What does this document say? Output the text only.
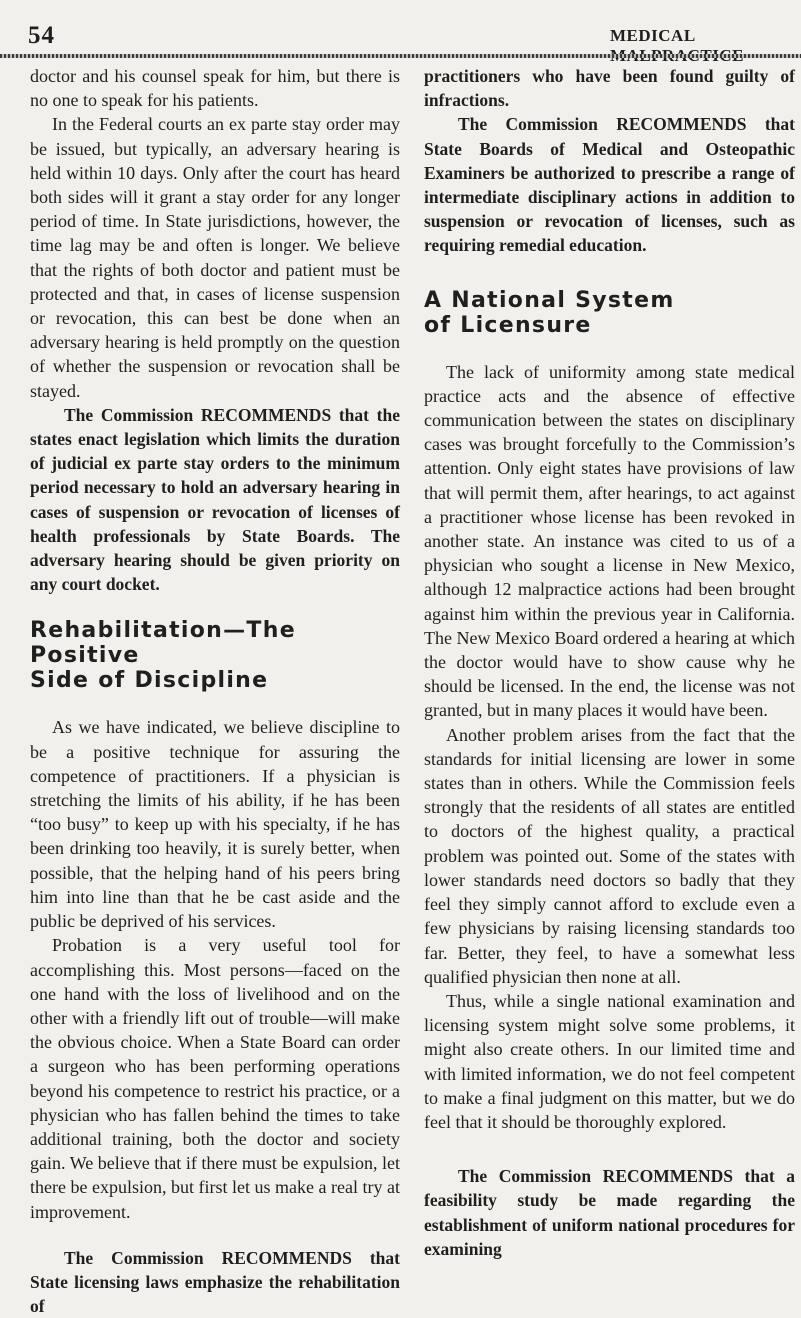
54	MEDICAL

doctor and his counsel speak for him, but there is no one to speak for his patients.

In the Federal courts an ex parte stay order may be issued, but typically, an adversary hearing is held within 10 days. Only after the court has heard both sides will it grant a stay order for any longer period of time. In State jurisdictions, however, the time lag may be and often is longer. We believe that the rights of both doctor and patient must be protected and that, in cases of license suspension or revocation, this can best be done when an adversary hearing is held promptly on the question of whether the suspension or revocation shall be stayed.

The Commission RECOMMENDS that the states enact legislation which limits the duration of judicial ex parte stay orders to the minimum period necessary to hold an adversary hearing in cases of suspension or revocation of licenses of health professionals by State Boards. The adversary hearing should be given priority on any court docket.

Rehabilitation—The Positive
Side of Discipline

As we have indicated, we believe discipline to be a positive technique for assuring the competence of practitioners. If a physician is stretching the limits of his ability, if he has been “too busy” to keep up with his specialty, if he has been drinking too heavily, it is surely better, when possible, that the helping hand of his peers bring him into line than that he be cast aside and the public be deprived of his services.

Probation is a very useful tool for accomplishing this. Most persons—faced on the one hand with the loss of livelihood and on the other with a friendly lift out of trouble—will make the obvious choice. When a State Board can order a surgeon who has been performing operations beyond his competence to restrict his practice, or a physician who has fallen behind the times to take additional training, both the doctor and society gain. We believe that if there must be expulsion, let there be expulsion, but first let us make a real try at improvement.

The Commission RECOMMENDS that State licensing laws emphasize the rehabilitation of

practitioners who have been found guilty of infractions.

The Commission RECOMMENDS that State Boards of Medical and Osteopathic Examiners be authorized to prescribe a range of intermediate disciplinary actions in addition to suspension or revocation of licenses, such as requiring remedial education.

A National System
of Licensure

The lack of uniformity among state medical practice acts and the absence of effective communication between the states on disciplinary cases was brought forcefully to the Commission’s attention. Only eight states have provisions of law that will permit them, after hearings, to act against a practitioner whose license has been revoked in another state. An instance was cited to us of a physician who sought a license in New Mexico, although 12 malpractice actions had been brought against him within the previous year in California. The New Mexico Board ordered a hearing at which the doctor would have to show cause why he should be licensed. In the end, the license was not granted, but in many places it would have been.

Another problem arises from the fact that the standards for initial licensing are lower in some states than in others. While the Commission feels strongly that the residents of all states are entitled to doctors of the highest quality, a practical problem was pointed out. Some of the states with lower standards need doctors so badly that they feel they simply cannot afford to exclude even a few physicians by raising licensing standards too far. Better, they feel, to have a somewhat less qualified physician then none at all.

Thus, while a single national examination and licensing system might solve some problems, it might also create others. In our limited time and with limited information, we do not feel competent to make a final judgment on this matter, but we do feel that it should be thoroughly explored.

The Commission RECOMMENDS that a feasibility study be made regarding the establishment of uniform national procedures for examining
